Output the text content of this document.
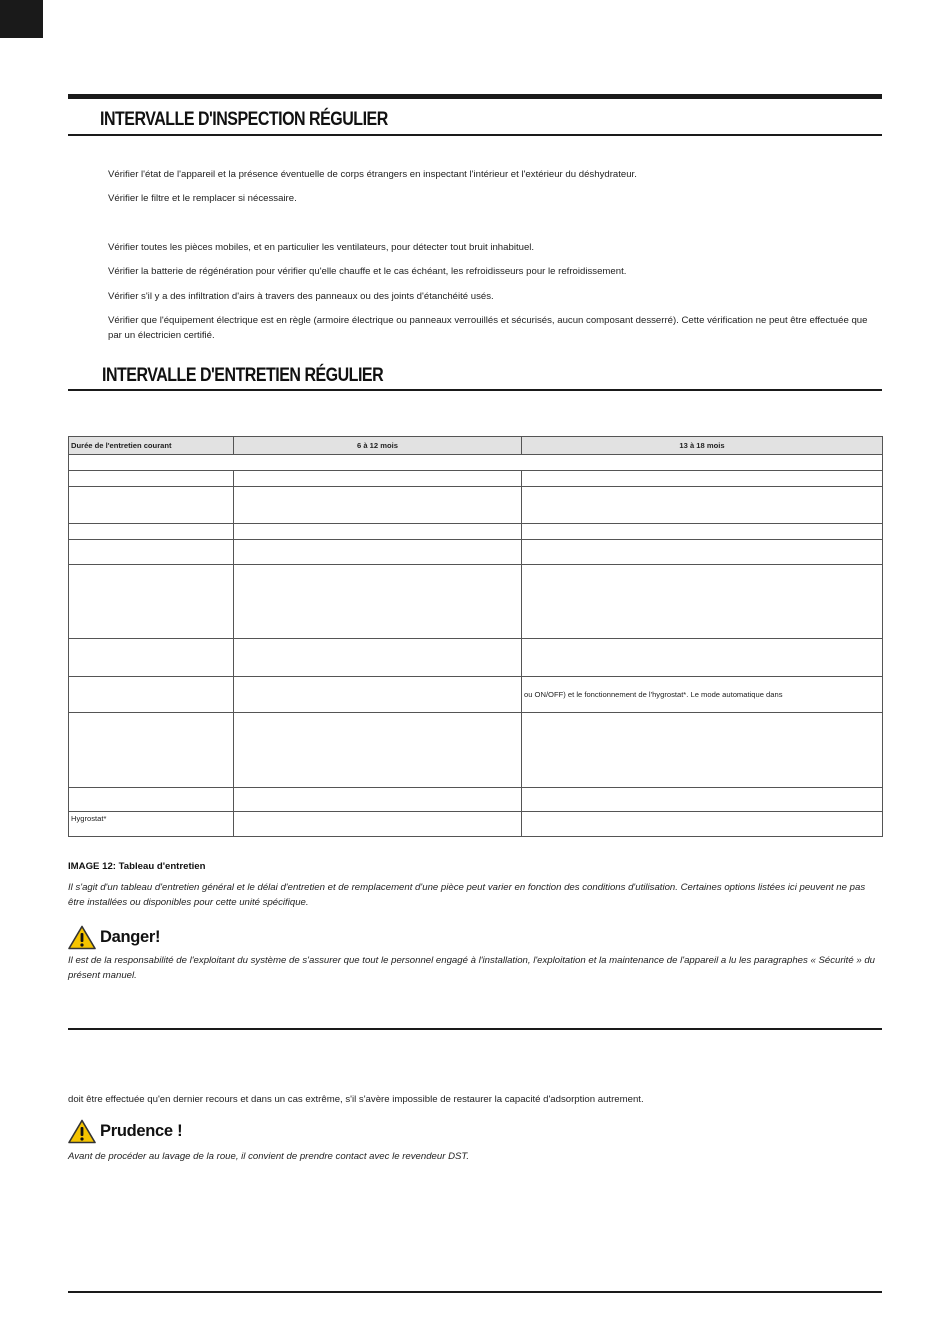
INTERVALLE D'INSPECTION RÉGULIER

Vérifier l'état de l'appareil et la présence éventuelle de corps étrangers en inspectant l'intérieur et l'extérieur du déshydrateur.

Vérifier le filtre et le remplacer si nécessaire.

Vérifier toutes les pièces mobiles, et en particulier les ventilateurs, pour détecter tout bruit inhabituel.

Vérifier la batterie de régénération pour vérifier qu'elle chauffe et le cas échéant, les refroidisseurs pour le refroidissement.

Vérifier s'il y a des infiltration d'airs à travers des panneaux ou des joints d'étanchéité usés.

Vérifier que l'équipement électrique est en règle (armoire électrique ou panneaux verrouillés et sécurisés, aucun composant desserré). Cette vérification ne peut être effectuée que par un électricien certifié.

INTERVALLE D'ENTRETIEN RÉGULIER
Durée de l'entretien courant	6 à 12 mois	13 à 18 mois

		ou ON/OFF) et le fonctionnement de l'hygrostat*. Le mode automatique dans

Hygrostat*		

IMAGE 12: Tableau d'entretien

Il s'agit d'un tableau d'entretien général et le délai d'entretien et de remplacement d'une pièce peut varier en fonction des conditions d'utilisation. Certaines options listées ici peuvent ne pas être installées ou disponibles pour cette unité spécifique.

Danger!

Il est de la responsabilité de l'exploitant du système de s'assurer que tout le personnel engagé à l'installation, l'exploitation et la maintenance de l'appareil a lu les paragraphes « Sécurité » du présent manuel.

doit être effectuée qu'en dernier recours et dans un cas extrême, s'il s'avère impossible de restaurer la capacité d'adsorption autrement.

Prudence !

Avant de procéder au lavage de la roue, il convient de prendre contact avec le revendeur DST.
